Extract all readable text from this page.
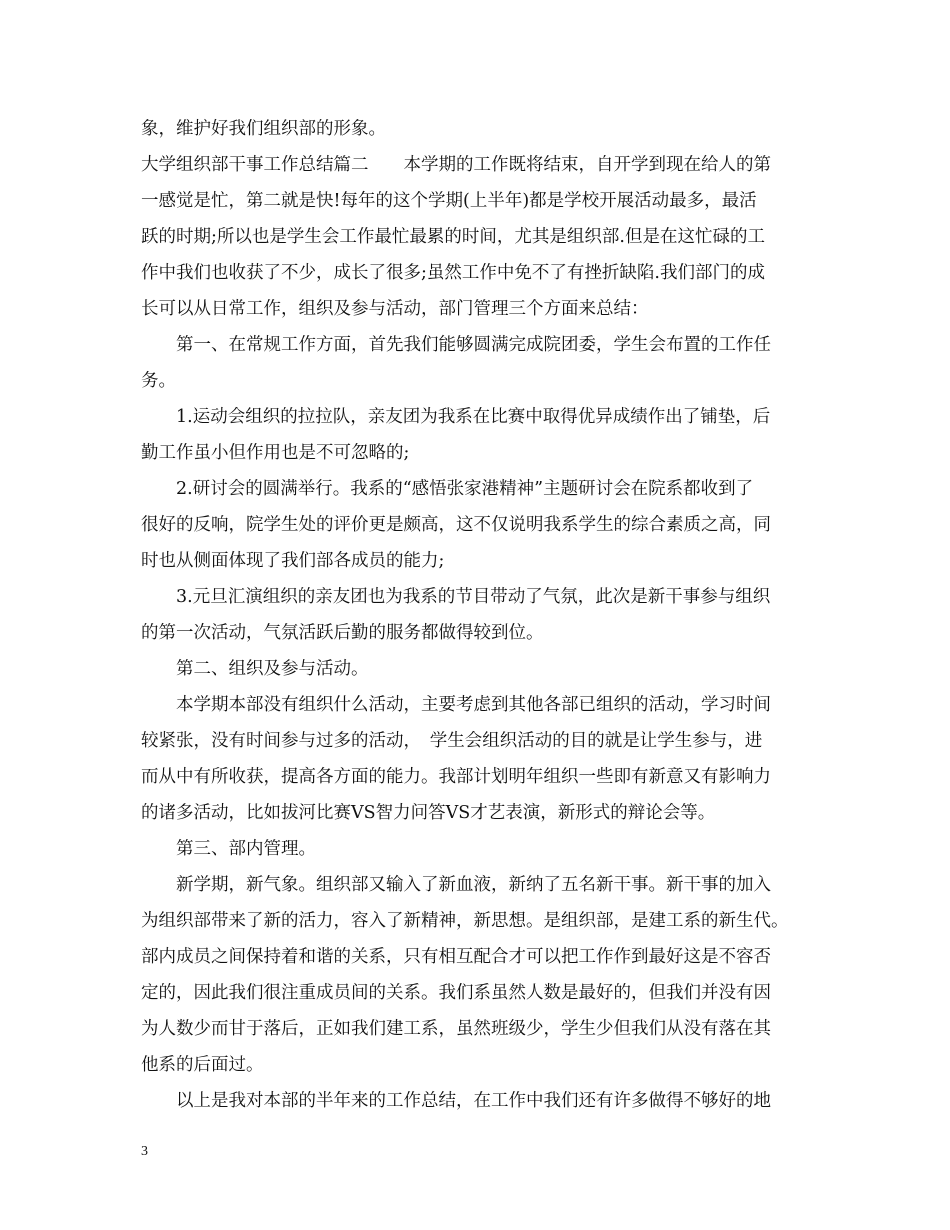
象，维护好我们组织部的形象。
大学组织部干事工作总结篇二　　本学期的工作既将结束，自开学到现在给人的第
一感觉是忙，第二就是快!每年的这个学期(上半年)都是学校开展活动最多，最活
跃的时期;所以也是学生会工作最忙最累的时间，尤其是组织部.但是在这忙碌的工
作中我们也收获了不少，成长了很多;虽然工作中免不了有挫折缺陷.我们部门的成
长可以从日常工作，组织及参与活动，部门管理三个方面来总结：
第一、在常规工作方面，首先我们能够圆满完成院团委，学生会布置的工作任
务。
1.运动会组织的拉拉队，亲友团为我系在比赛中取得优异成绩作出了铺垫，后
勤工作虽小但作用也是不可忽略的;
2.研讨会的圆满举行。我系的“感悟张家港精神”主题研讨会在院系都收到了
很好的反响，院学生处的评价更是颇高，这不仅说明我系学生的综合素质之高，同
时也从侧面体现了我们部各成员的能力;
3.元旦汇演组织的亲友团也为我系的节目带动了气氛，此次是新干事参与组织
的第一次活动，气氛活跃后勤的服务都做得较到位。
第二、组织及参与活动。
本学期本部没有组织什么活动，主要考虑到其他各部已组织的活动，学习时间
较紧张，没有时间参与过多的活动，　学生会组织活动的目的就是让学生参与，进
而从中有所收获，提高各方面的能力。我部计划明年组织一些即有新意又有影响力
的诸多活动，比如拔河比赛VS智力问答VS才艺表演，新形式的辩论会等。
第三、部内管理。
新学期，新气象。组织部又输入了新血液，新纳了五名新干事。新干事的加入
为组织部带来了新的活力，容入了新精神，新思想。是组织部，是建工系的新生代。
部内成员之间保持着和谐的关系，只有相互配合才可以把工作作到最好这是不容否
定的，因此我们很注重成员间的关系。我们系虽然人数是最好的，但我们并没有因
为人数少而甘于落后，正如我们建工系，虽然班级少，学生少但我们从没有落在其
他系的后面过。
以上是我对本部的半年来的工作总结，在工作中我们还有许多做得不够好的地
3
